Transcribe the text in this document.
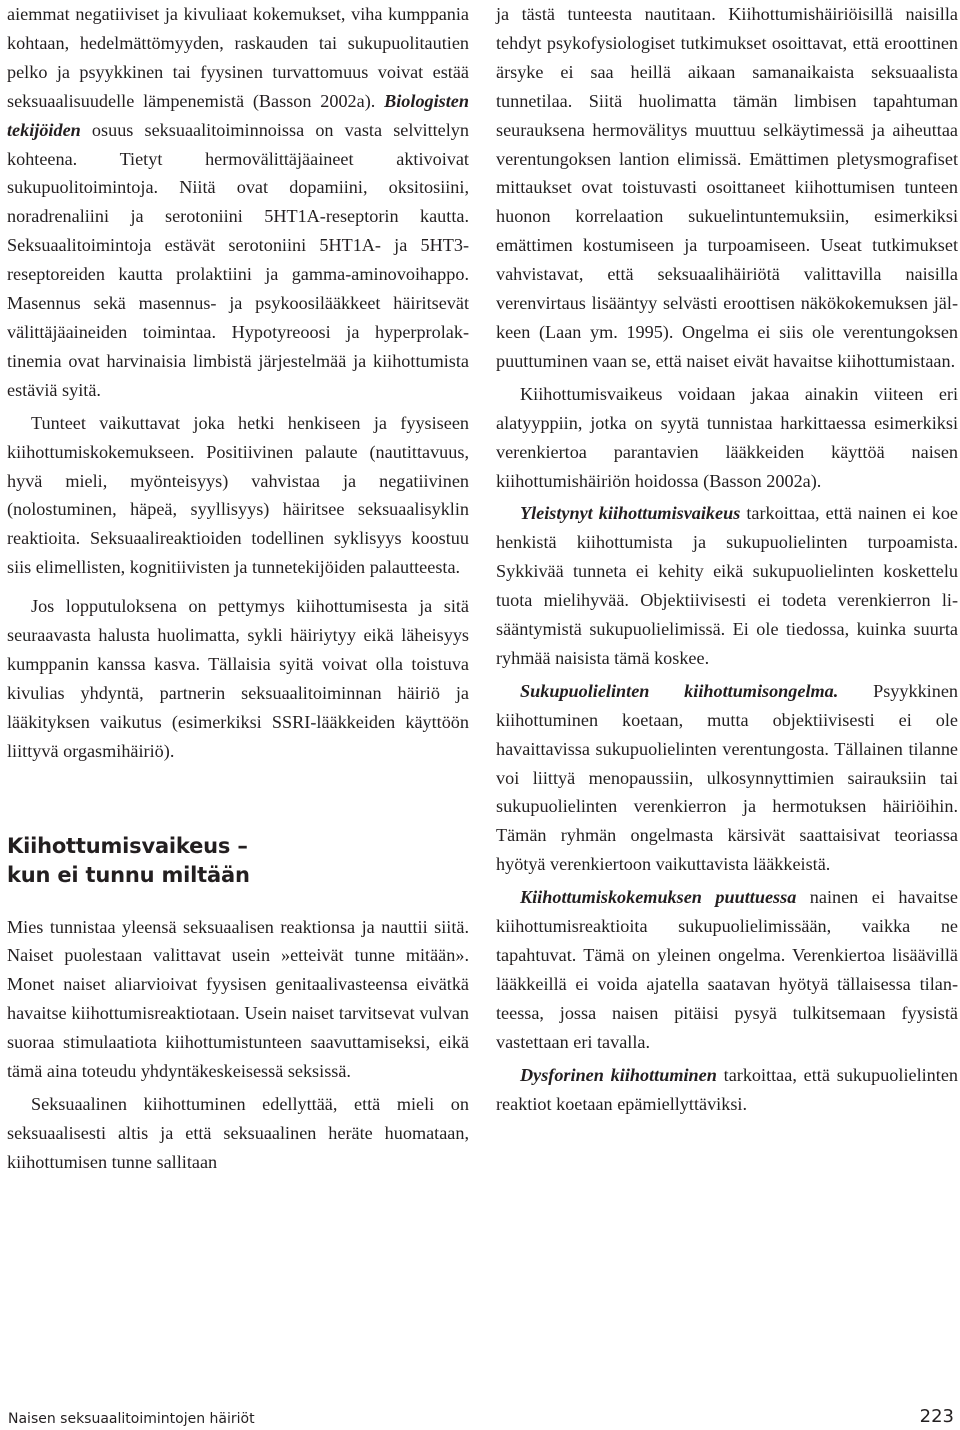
aiemmat negatiiviset ja kivuliaat kokemukset, viha kumppania kohtaan, hedelmättömyyden, raskauden tai sukupuolitautien pelko ja psyykkinen tai fyysinen turvattomuus voivat estää seksuaalisuudelle lämpenemistä (Basson 2002a). Biologisten tekijöiden osuus seksuaalitoiminnoissa on vasta selvittelyn kohteena. Tietyt hermovälittäjäaineet aktivoivat sukupuolitoimintoja. Niitä ovat dopamiini, oksitosiini, noradrenaliini ja serotoniini 5HT1A-reseptorin kautta. Seksuaalitoimintoja estävät serotoniini 5HT1A- ja 5HT3-reseptoreiden kautta prolaktiini ja gamma-aminovoihappo. Masennus sekä masennus- ja psykoosilääkkeet häiritsevät välittäjäaineiden toimintaa. Hypotyreoosi ja hyperprolaktinemia ovat harvinaisia limbistä järjestelmää ja kiihottumista estäviä syitä.

Tunteet vaikuttavat joka hetki henkiseen ja fyysiseen kiihottumiskokemukseen. Positiivinen palaute (nautittavuus, hyvä mieli, myönteisyys) vahvistaa ja negatiivinen (nolostuminen, häpeä, syyllisyys) häiritsee seksuaalisyklin reaktioita. Seksuaalireaktioiden todellinen syklisyys koostuu siis elimellisten, kognitiivisten ja tunnetekijöiden palautteesta.

Jos lopputuloksena on pettymys kiihottumisesta ja sitä seuraavasta halusta huolimatta, sykli häiriytyy eikä läheisyys kumppanin kanssa kasva. Tällaisia syitä voivat olla toistuva kivulias yhdyntä, partnerin seksuaalitoiminnan häiriö ja lääkityksen vaikutus (esimerkiksi SSRI-lääkkeiden käyttöön liittyvä orgasmihäiriö).

Kiihottumisvaikeus –
kun ei tunnu miltään

Mies tunnistaa yleensä seksuaalisen reaktionsa ja nauttii siitä. Naiset puolestaan valittavat usein »etteivät tunne mitään». Monet naiset aliarvioivat fyysisen genitaalivasteensa eivätkä havaitse kiihottumisreaktiotaan. Usein naiset tarvitsevat vulvan suoraa stimulaatiota kiihottumistunteen saavuttamiseksi, eikä tämä aina toteudu yhdyntäkeskeisessä seksissä.

Seksuaalinen kiihottuminen edellyttää, että mieli on seksuaalisesti altis ja että seksuaalinen heräte huomataan, kiihottumisen tunne sallitaan

ja tästä tunteesta nautitaan. Kiihottumishäiriöisillä naisilla tehdyt psykofysiologiset tutkimukset osoittavat, että eroottinen ärsyke ei saa heillä aikaan samanaikaista seksuaalista tunnetilaa. Siitä huolimatta tämän limbisen tapahtuman seurauksena hermovälitys muuttuu selkäytimessä ja aiheuttaa verentungoksen lantion elimissä. Emättimen pletysmografiset mittaukset ovat toistuvasti osoittaneet kiihottumisen tunteen huonon korrelaation sukuelintuntemuksiin, esimerkiksi emättimen kostumiseen ja turpoamiseen. Useat tutkimukset vahvistavat, että seksuaalihäiriötä valittavilla naisilla verenvirtaus lisääntyy selvästi eroottisen näkökokemuksen jälkeen (Laan ym. 1995). Ongelma ei siis ole verentungoksen puuttuminen vaan se, että naiset eivät havaitse kiihottumistaan.

Kiihottumisvaikeus voidaan jakaa ainakin viiteen eri alatyyppiin, jotka on syytä tunnistaa harkittaessa esimerkiksi verenkiertoa parantavien lääkkeiden käyttöä naisen kiihottumishäiriön hoidossa (Basson 2002a).

Yleistynyt kiihottumisvaikeus tarkoittaa, että nainen ei koe henkistä kiihottumista ja sukupuolielinten turpoamista. Sykkivää tunneta ei kehity eikä sukupuolielinten koskettelu tuota mielihyvää. Objektiivisesti ei todeta verenkierron lisääntymistä sukupuolielimissä. Ei ole tiedossa, kuinka suurta ryhmää naisista tämä koskee.

Sukupuolielinten kiihottumisongelma. Psyykkinen kiihottuminen koetaan, mutta objektiivisesti ei ole havaittavissa sukupuolielinten verentungosta. Tällainen tilanne voi liittyä menopaussiin, ulkosynnyttimien sairauksiin tai sukupuolielinten verenkierron ja hermotuksen häiriöihin. Tämän ryhmän ongelmasta kärsivät saattaisivat teoriassa hyötyä verenkiertoon vaikuttavista lääkkeistä.

Kiihottumiskokemuksen puuttuessa nainen ei havaitse kiihottumisreaktioita sukupuolielimissään, vaikka ne tapahtuvat. Tämä on yleinen ongelma. Verenkiertoa lisäävillä lääkkeillä ei voida ajatella saatavan hyötyä tällaisessa tilanteessa, jossa naisen pitäisi pysyä tulkitsemaan fyysistä vastettaan eri tavalla.

Dysforinen kiihottuminen tarkoittaa, että sukupuolielinten reaktiot koetaan epämiellyttäviksi.

Naisen seksuaalitoimintojen häiriöt	223
